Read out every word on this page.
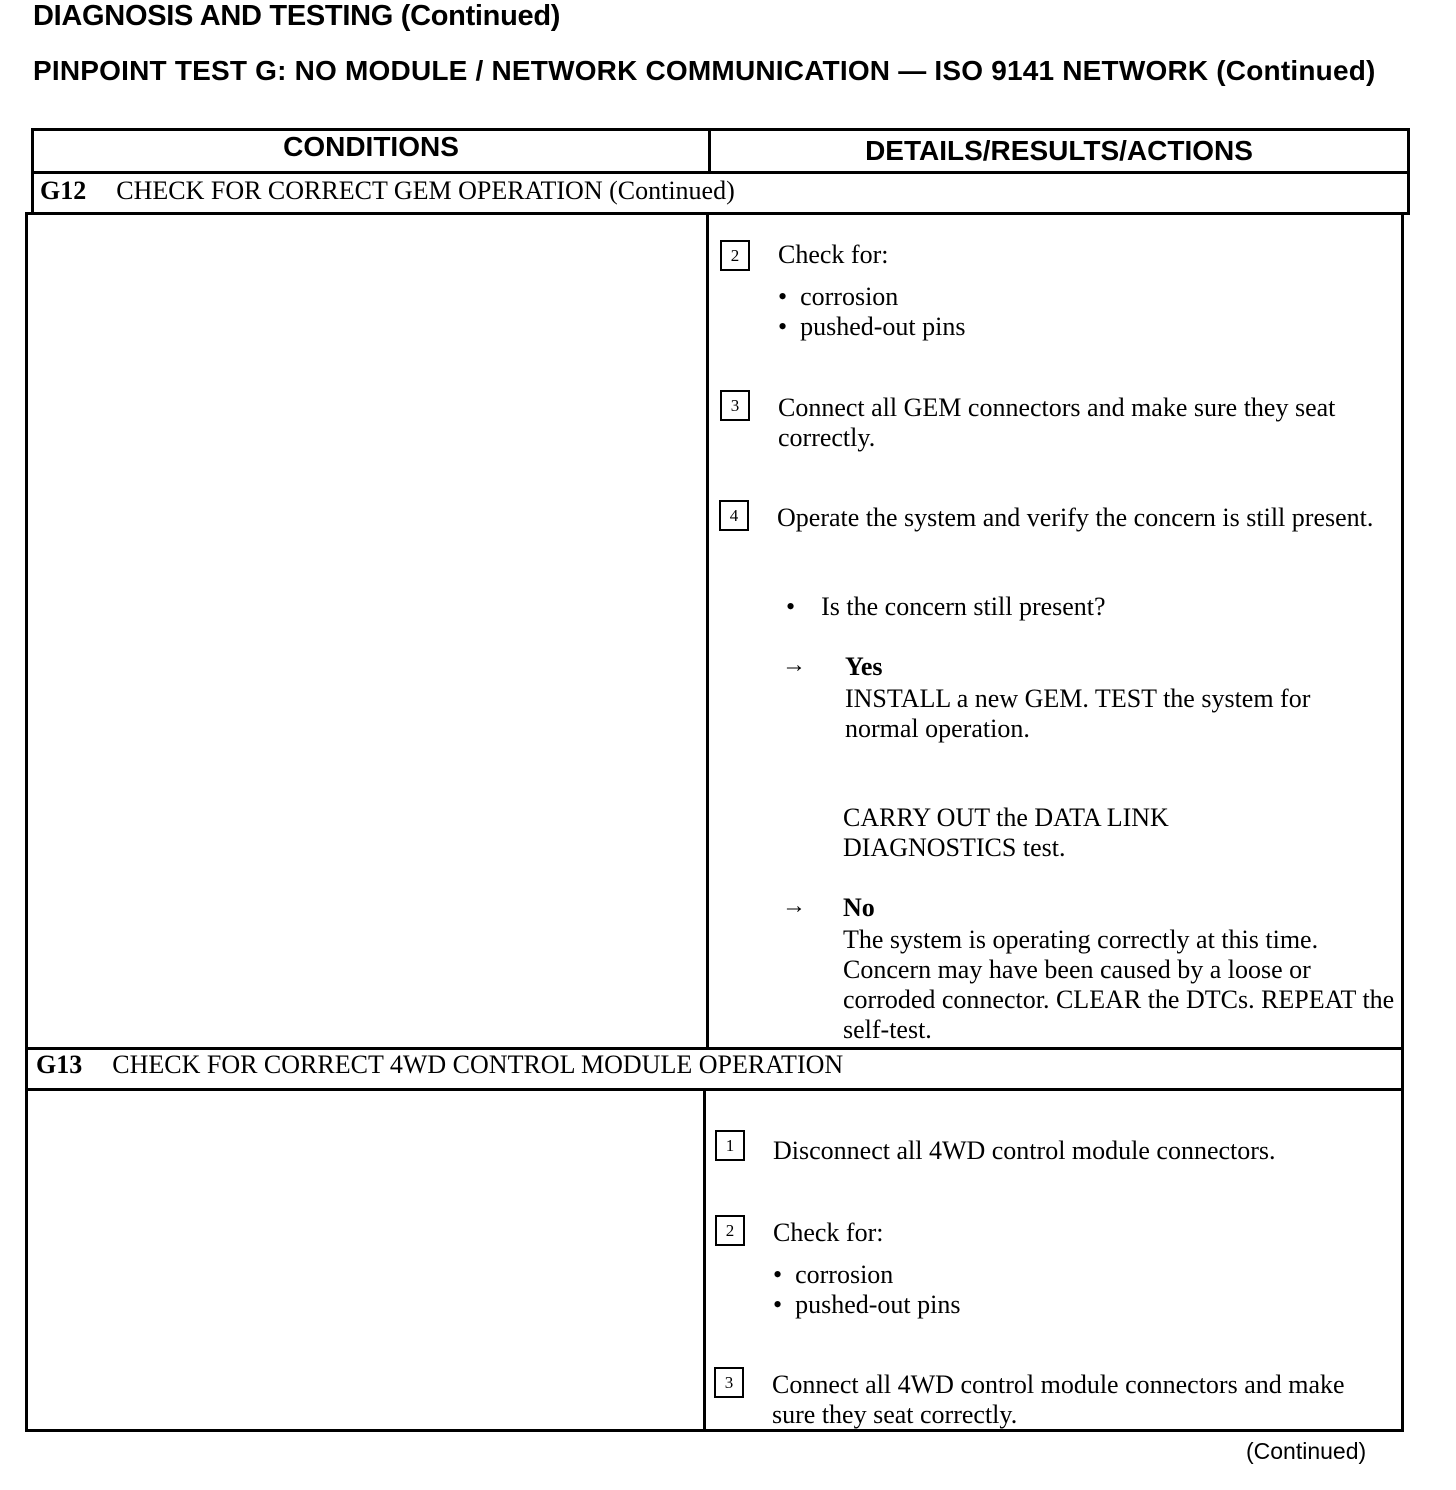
DIAGNOSIS AND TESTING (Continued)
PINPOINT TEST G: NO MODULE / NETWORK COMMUNICATION — ISO 9141 NETWORK (Continued)
CONDITIONS	DETAILS/RESULTS/ACTIONS
G12 CHECK FOR CORRECT GEM OPERATION (Continued)
2	Check for:
•  corrosion
•  pushed-out pins
3	Connect all GEM connectors and make sure they seat correctly.
4	Operate the system and verify the concern is still present.
•    Is the concern still present?
→ Yes
INSTALL a new GEM. TEST the system for normal operation.
CARRY OUT the DATA LINK DIAGNOSTICS test.
→ No
The system is operating correctly at this time. Concern may have been caused by a loose or corroded connector. CLEAR the DTCs. REPEAT the self-test.
G13 CHECK FOR CORRECT 4WD CONTROL MODULE OPERATION
1	Disconnect all 4WD control module connectors.
2	Check for:
•  corrosion
•  pushed-out pins
3	Connect all 4WD control module connectors and make sure they seat correctly.
(Continued)
